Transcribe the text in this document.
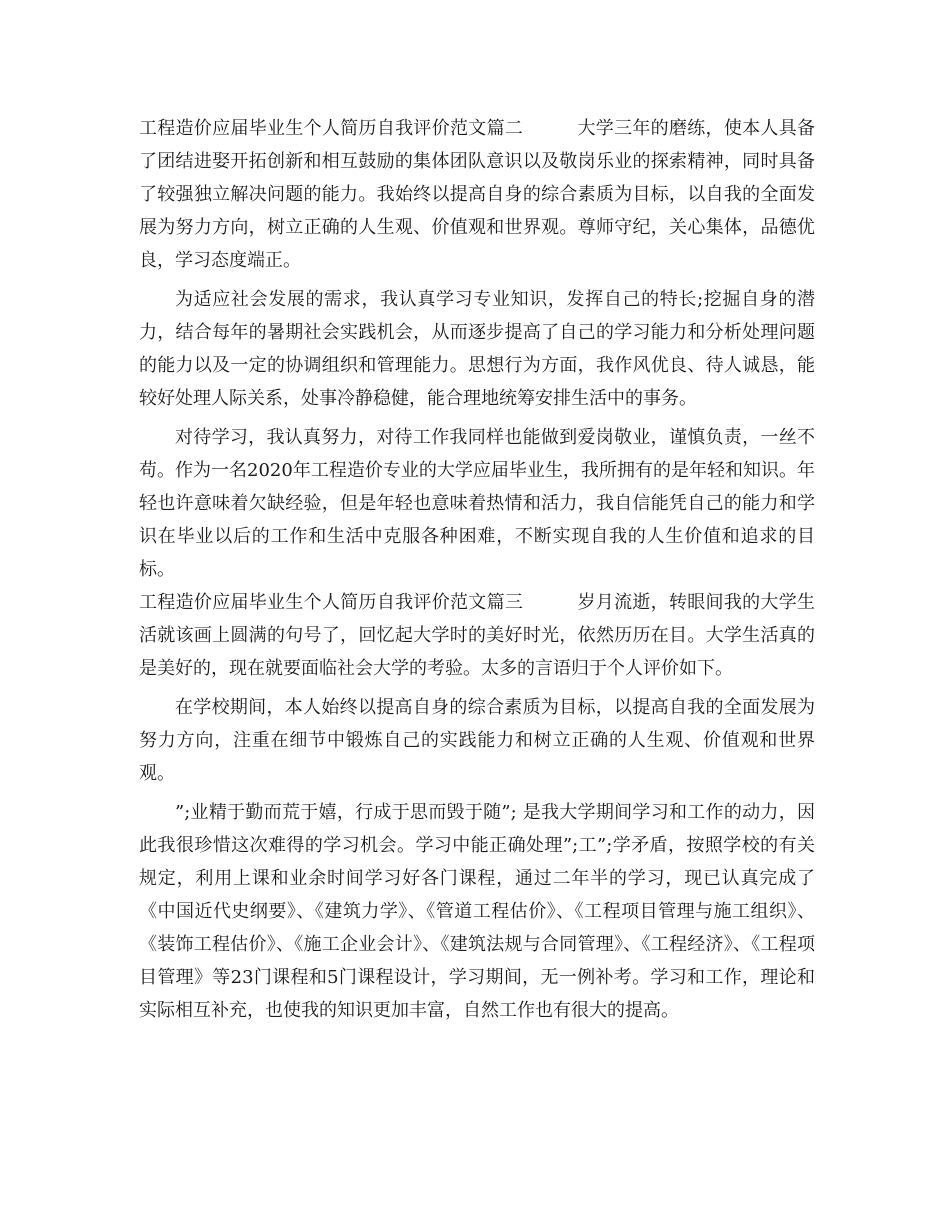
工程造价应届毕业生个人简历自我评价范文篇二	大学三年的磨练，使本人具备了团结进娶开拓创新和相互鼓励的集体团队意识以及敬岗乐业的探索精神，同时具备了较强独立解决问题的能力。我始终以提高自身的综合素质为目标，以自我的全面发展为努力方向，树立正确的人生观、价值观和世界观。尊师守纪，关心集体，品德优良，学习态度端正。

为适应社会发展的需求，我认真学习专业知识，发挥自己的特长;挖掘自身的潜力，结合每年的暑期社会实践机会，从而逐步提高了自己的学习能力和分析处理问题的能力以及一定的协调组织和管理能力。思想行为方面，我作风优良、待人诚恳，能较好处理人际关系，处事冷静稳健，能合理地统筹安排生活中的事务。

对待学习，我认真努力，对待工作我同样也能做到爱岗敬业，谨慎负责，一丝不苟。作为一名2020年工程造价专业的大学应届毕业生，我所拥有的是年轻和知识。年轻也许意味着欠缺经验，但是年轻也意味着热情和活力，我自信能凭自己的能力和学识在毕业以后的工作和生活中克服各种困难，不断实现自我的人生价值和追求的目标。

工程造价应届毕业生个人简历自我评价范文篇三	岁月流逝，转眼间我的大学生活就该画上圆满的句号了，回忆起大学时的美好时光，依然历历在目。大学生活真的是美好的，现在就要面临社会大学的考验。太多的言语归于个人评价如下。

在学校期间，本人始终以提高自身的综合素质为目标，以提高自我的全面发展为努力方向，注重在细节中锻炼自己的实践能力和树立正确的人生观、价值观和世界观。

”;业精于勤而荒于嬉，行成于思而毁于随”; 是我大学期间学习和工作的动力，因此我很珍惜这次难得的学习机会。学习中能正确处理”;工”;学矛盾，按照学校的有关规定，利用上课和业余时间学习好各门课程，通过二年半的学习，现已认真完成了《中国近代史纲要》、《建筑力学》、《管道工程估价》、《工程项目管理与施工组织》、《装饰工程估价》、《施工企业会计》、《建筑法规与合同管理》、《工程经济》、《工程项目管理》等23门课程和5门课程设计，学习期间，无一例补考。学习和工作，理论和实际相互补充，也使我的知识更加丰富，自然工作也有很大的提高。
